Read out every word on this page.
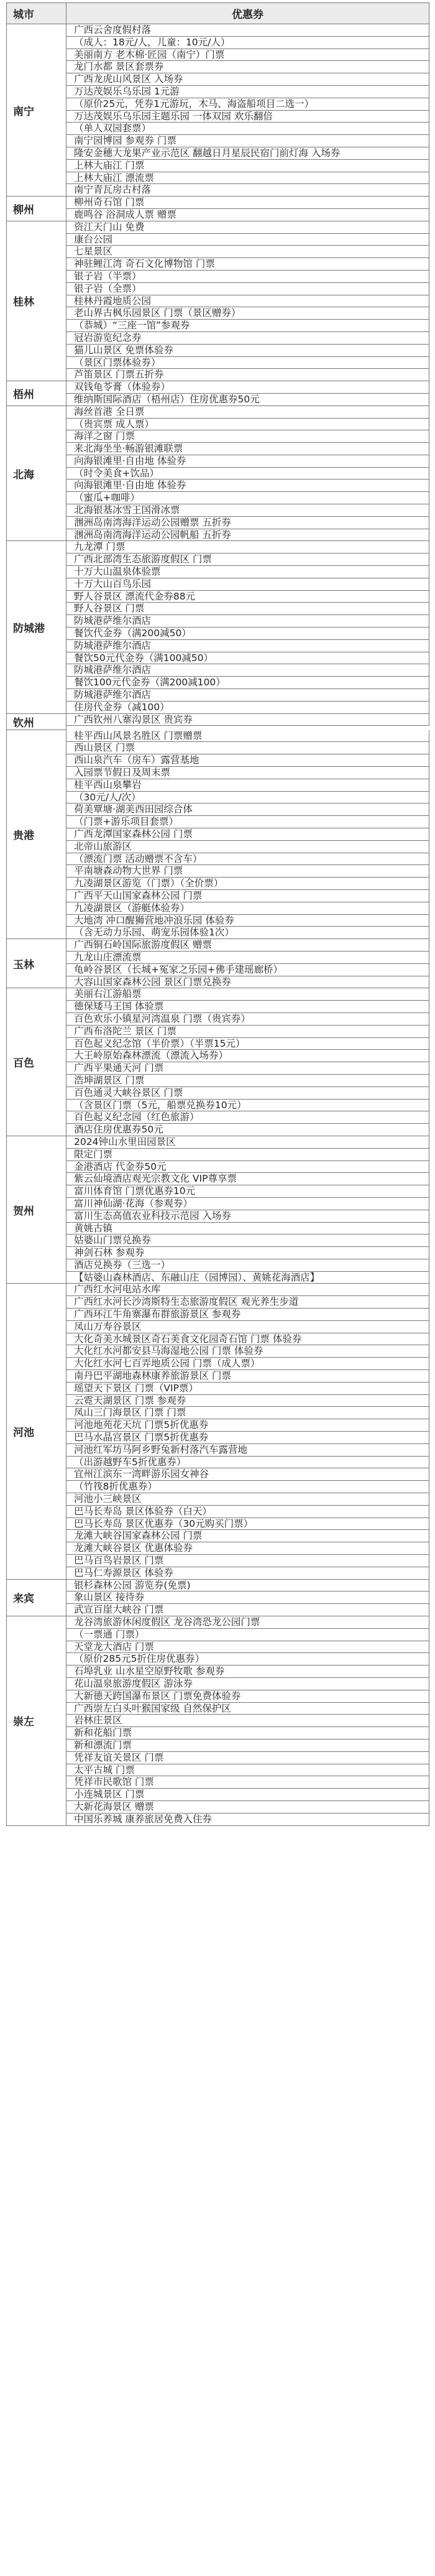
城市	优惠券
南宁
广西云舍度假村落
（成人：18元/人，儿童：10元/人）
美丽南方 老木棉·匠园（南宁）门票
龙门水都 景区套票券
广西龙虎山风景区 入场券
万达茂娱乐乌乐园 1元游
（原价25元，凭券1元游玩，木马、海盗船项目二选一）
万达茂娱乐乌乐园主题乐园 一体双园 欢乐翻倍
（单人双园套票）
南宁园博园 参观券 门票
隆安金穗大龙果产业示范区 翻越日月星辰民宿门前灯海 入场券
上林大庙江 门票
上林大庙江 漂流票
南宁青瓦房古村落
柳州
柳州奇石馆 门票
鹿鸣谷 浴洞成人票 赠票
桂林
资江天门山 免费
康台公园
七星景区
神驻鲤江湾 奇石文化博物馆 门票
银子岩（半票）
银子岩（全票）
桂林丹霞地质公园
老山界古枫乐园景区 门票（景区赠券）
（恭城）“三座一馆”参观券
冠岩游览纪念券
猫儿山景区 免票体验券
（景区门票体验券）
芦笛景区 门票五折券
梧州
双钱龟苓膏（体验券）
维纳斯国际酒店（梧州店）住房优惠券50元
北海
海丝首港 全日票
（贵宾票 成人票）
海洋之窗 门票
来北海坐坐·畅游银滩联票
向海银滩里·自由地 体验券
（时令美食+饮品）
向海银滩里·自由地 体验券
（蜜瓜+咖啡）
北海银基冰雪王国滑冰票
涠洲岛南湾海洋运动公园赠票 五折券
涠洲岛南湾海洋运动公园帆船 五折券
防城港
九龙潭 门票
广西北部湾生态旅游度假区 门票
十万大山温泉体验票
十万大山百鸟乐园
野人谷景区 漂流代金券88元
野人谷景区 门票
防城港萨维尔酒店
餐饮代金券（满200减50）
防城港萨维尔酒店
餐饮50元代金券（满100减50）
防城港萨维尔酒店
餐饮100元代金券（满200减100）
防城港萨维尔酒店
住房代金券（减100）
钦州	广西钦州八寨沟景区 贵宾券
贵港
桂平西山风景名胜区 门票赠票
西山景区 门票
西山泉汽车（房车）露营基地
入园票节假日及周末票
桂平西山泉攀岩
（30元/人/次）
荷美覃塘·湖美西田园综合体
（门票+游乐项目套票）
广西龙潭国家森林公园 门票
北帝山旅游区
（漂流门票 活动赠票不含车）
平南塘森动物大世界 门票
九凌湖景区游览（门票）（全价票）
广西平天山国家森林公园 门票
九凌湖景区（游艇体验券）
大地湾 冲口醒狮营地冲浪乐园 体验券
（含无动力乐园、萌宠乐园体验1次）
玉林
广西铜石岭国际旅游度假区 赠票
九龙山庄漂流票
龟岭谷景区（长城+冤家之乐园+佛手建瑶廊桥）
大容山国家森林公园 景区门票兑换券
百色
美丽右江游船票
德保矮马王国 体验票
百色欢乐小镇星河湾温泉 门票（贵宾券）
广西布洛陀兰 景区 门票
百色起义纪念馆（半价票）（半票15元）
大王岭原始森林漂流（漂流入场券）
广西平果通天河 门票
浩坤湖景区 门票
百色通灵大峡谷景区 门票
（含景区门票（5元，船票兑换券10元）
百色起义纪念园（红色旅游）
酒店住房优惠券50元
贺州
2024钟山水里田园景区
限定门票
金港酒店 代金券50元
紫云仙境酒店观光宗教文化 VIP尊享票
富川体育馆 门票优惠券10元
富川神仙湖·花海（参观券）
富川生态高值农业科技示范园 入场券
黄姚古镇
姑婆山门票兑换券
神剑石林 参观券
酒店兑换券（三选一）
【姑婆山森林酒店、东融山庄（园博园）、黄姚花海酒店】
河池
广西红水河电站水库
广西红水河长沙湾斯特生态旅游度假区 观光养生步道
广西环江牛角寨瀑布群旅游景区 参观券
凤山万寿谷景区
大化奇美水城景区奇石美食文化园奇石馆 门票 体验券
大化红水河都安县马海湿地公园 门票 体验券
大化红水河七百弄地质公园 门票（成人票）
南丹巴平湖地森林康养旅游景区 门票
瑶望天下景区 门票（VIP票）
云霓天湖景区 门票 参观券
凤山三门海景区 门票 门票
河池地苑花天坑 门票5折优惠券
巴马水晶宫景区 门票5折优惠券
河池红军坊马阿乡野兔新村落汽车露营地
（出游越野车5折优惠券）
宜州江滨东一湾畔游乐园女神谷
（竹筏8折优惠券）
河池小三峡景区
巴马长寿岛 景区体验券（白天）
巴马长寿岛 景区优惠券（30元购买门票）
龙滩大峡谷国家森林公园 门票
龙滩大峡谷景区 优惠体验券
巴马百鸟岩景区 门票
巴马仁寿源景区 体验券
来宾
银杉森林公园 游览券(免票)
象山景区 接待券
武宣百崖大峡谷 门票
崇左
龙谷湾旅游休闲度假区 龙谷湾恐龙公园门票
（一票通 门票）
天堂龙大酒店 门票
（原价285元5折住房优惠券）
石埠乳业 山水星空原野牧歌 参观券
花山温泉旅游度假区 游泳券
大新德天跨国瀑布景区 门票免费体验券
广西崇左白头叶猴国家级 自然保护区
岩林庄景区
新和花船门票
新和漂流门票
凭祥友谊关景区 门票
太平古城 门票
凭祥市民歌馆 门票
小连城景区 门票
大新花海景区 赠票
中国乐养城 康养旅居免费入住券
